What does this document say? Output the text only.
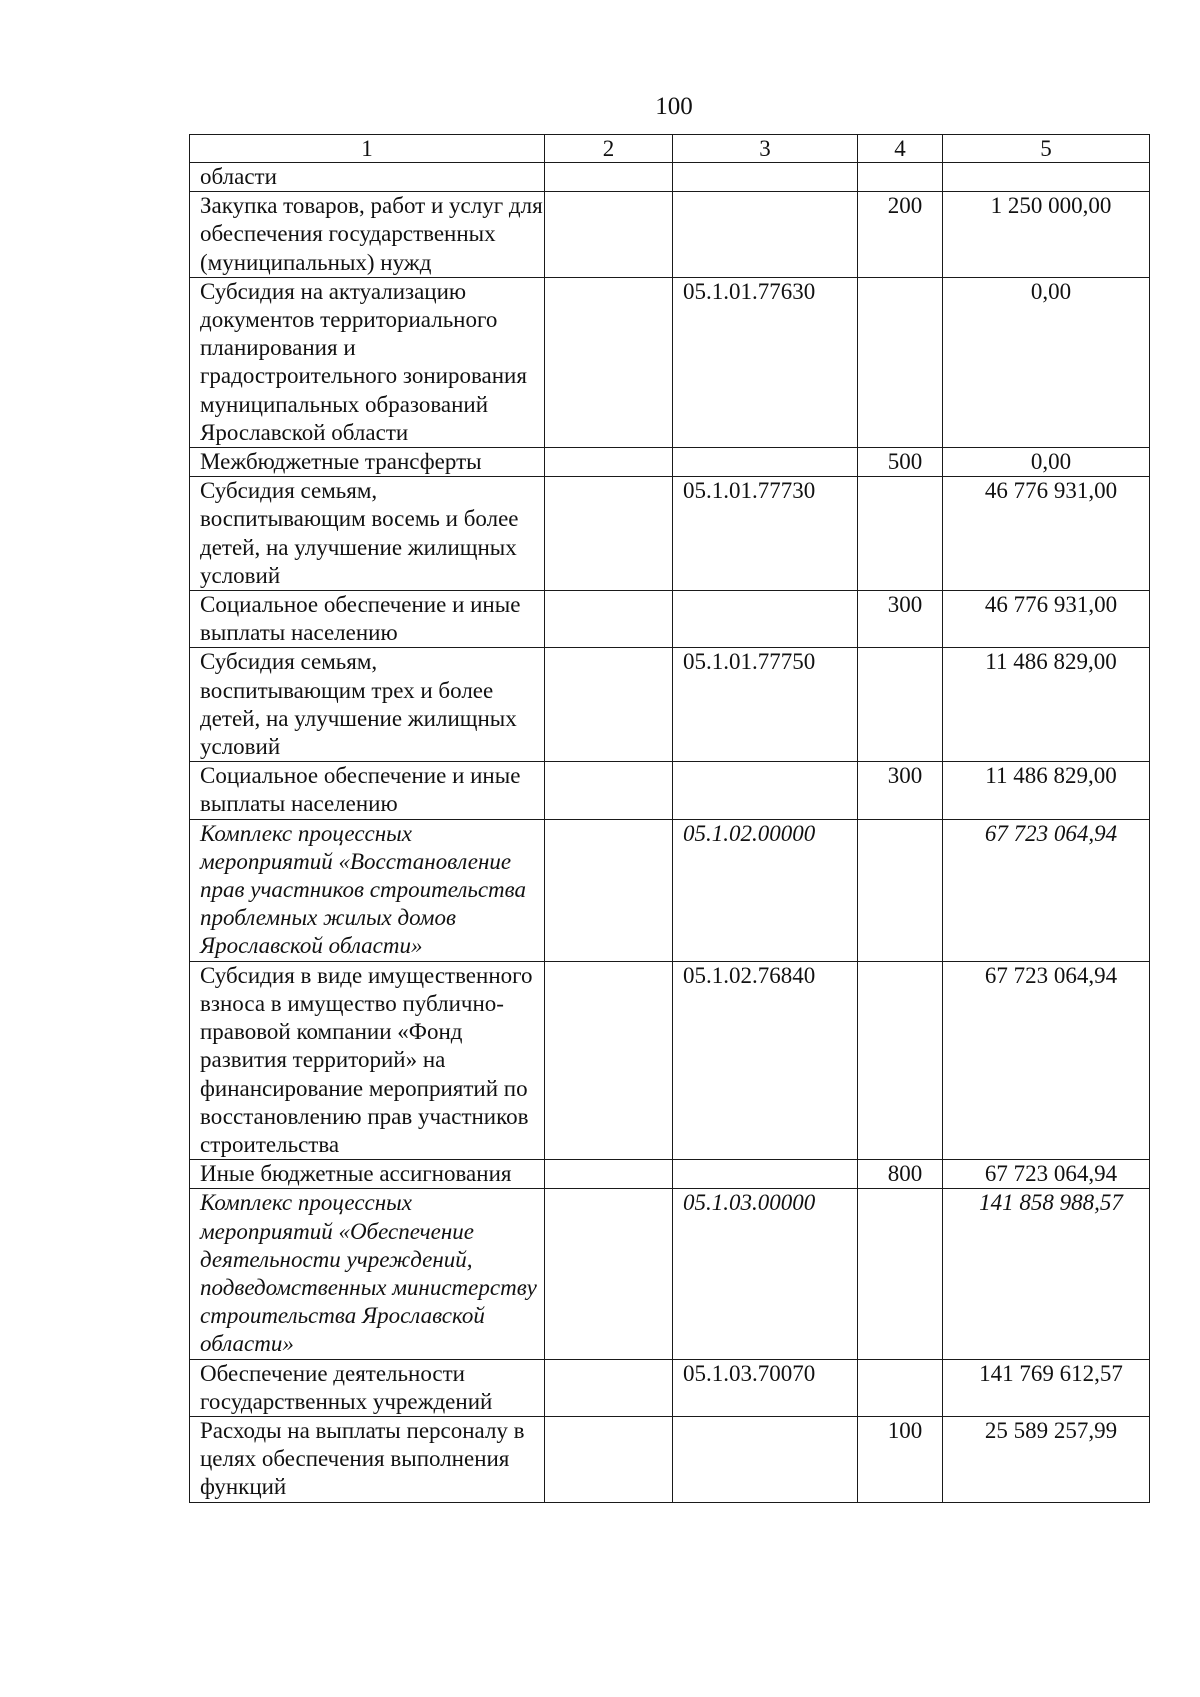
100
1	2	3	4	5
области				
Закупка товаров, работ и услуг для обеспечения государственных (муниципальных) нужд			200	1 250 000,00
Субсидия на актуализацию документов территориального планирования и градостроительного зонирования муниципальных образований Ярославской области		05.1.01.77630		0,00
Межбюджетные трансферты			500	0,00
Субсидия семьям, воспитывающим восемь и более детей, на улучшение жилищных условий		05.1.01.77730		46 776 931,00
Социальное обеспечение и иные выплаты населению			300	46 776 931,00
Субсидия семьям, воспитывающим трех и более детей, на улучшение жилищных условий		05.1.01.77750		11 486 829,00
Социальное обеспечение и иные выплаты населению			300	11 486 829,00
Комплекс процессных мероприятий «Восстановление прав участников строительства проблемных жилых домов Ярославской области»		05.1.02.00000		67 723 064,94
Субсидия в виде имущественного взноса в имущество публично-правовой компании «Фонд развития территорий» на финансирование мероприятий по восстановлению прав участников строительства		05.1.02.76840		67 723 064,94
Иные бюджетные ассигнования			800	67 723 064,94
Комплекс процессных мероприятий «Обеспечение деятельности учреждений, подведомственных министерству строительства Ярославской области»		05.1.03.00000		141 858 988,57
Обеспечение деятельности государственных учреждений		05.1.03.70070		141 769 612,57
Расходы на выплаты персоналу в целях обеспечения выполнения функций			100	25 589 257,99
